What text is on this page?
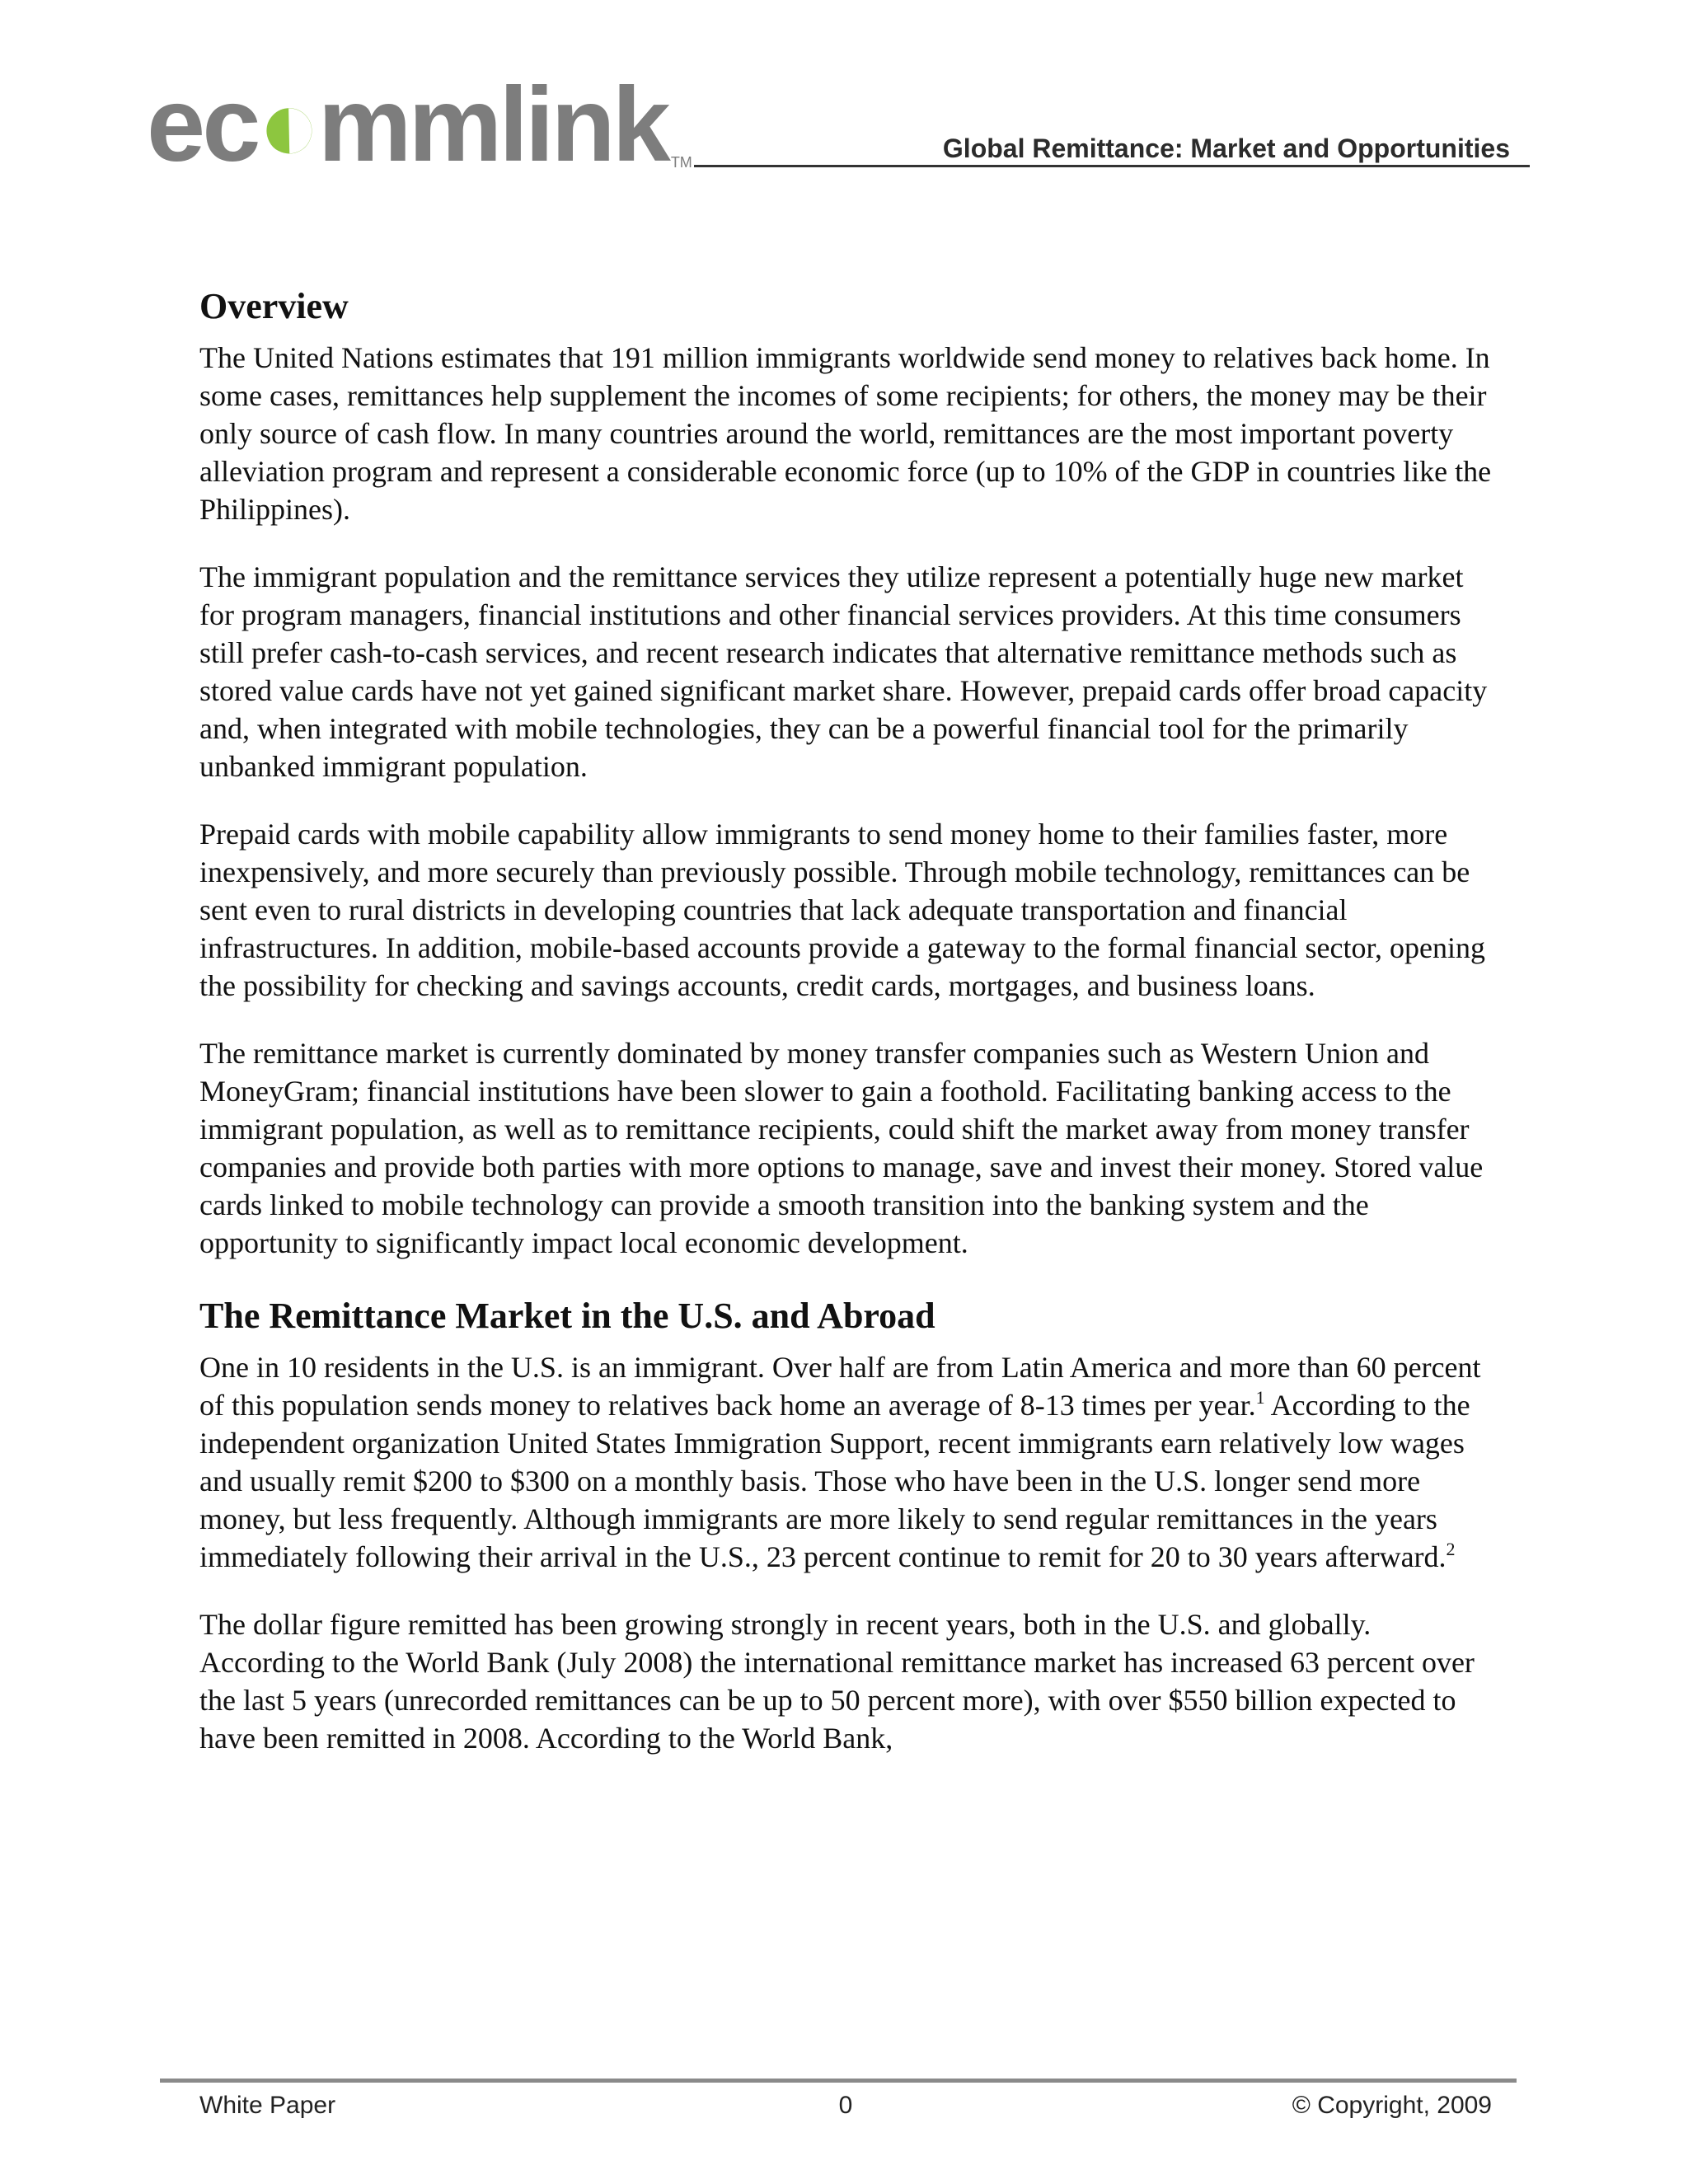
ec◐mmlink TM	Global Remittance: Market and Opportunities
Overview

The United Nations estimates that 191 million immigrants worldwide send money to relatives back home. In some cases, remittances help supplement the incomes of some recipients; for others, the money may be their only source of cash flow. In many countries around the world, remittances are the most important poverty alleviation program and represent a considerable economic force (up to 10% of the GDP in countries like the Philippines).

The immigrant population and the remittance services they utilize represent a potentially huge new market for program managers, financial institutions and other financial services providers. At this time consumers still prefer cash-to-cash services, and recent research indicates that alternative remittance methods such as stored value cards have not yet gained significant market share. However, prepaid cards offer broad capacity and, when integrated with mobile technologies, they can be a powerful financial tool for the primarily unbanked immigrant population.

Prepaid cards with mobile capability allow immigrants to send money home to their families faster, more inexpensively, and more securely than previously possible. Through mobile technology, remittances can be sent even to rural districts in developing countries that lack adequate transportation and financial infrastructures. In addition, mobile-based accounts provide a gateway to the formal financial sector, opening the possibility for checking and savings accounts, credit cards, mortgages, and business loans.

The remittance market is currently dominated by money transfer companies such as Western Union and MoneyGram; financial institutions have been slower to gain a foothold. Facilitating banking access to the immigrant population, as well as to remittance recipients, could shift the market away from money transfer companies and provide both parties with more options to manage, save and invest their money. Stored value cards linked to mobile technology can provide a smooth transition into the banking system and the opportunity to significantly impact local economic development.

The Remittance Market in the U.S. and Abroad

One in 10 residents in the U.S. is an immigrant. Over half are from Latin America and more than 60 percent of this population sends money to relatives back home an average of 8-13 times per year.$^1$ According to the independent organization United States Immigration Support, recent immigrants earn relatively low wages and usually remit $200 to $300 on a monthly basis. Those who have been in the U.S. longer send more money, but less frequently. Although immigrants are more likely to send regular remittances in the years immediately following their arrival in the U.S., 23 percent continue to remit for 20 to 30 years afterward.$^2$

The dollar figure remitted has been growing strongly in recent years, both in the U.S. and globally. According to the World Bank (July 2008) the international remittance market has increased 63 percent over the last 5 years (unrecorded remittances can be up to 50 percent more), with over $550 billion expected to have been remitted in 2008. According to the World Bank,

White Paper	0	© Copyright, 2009
